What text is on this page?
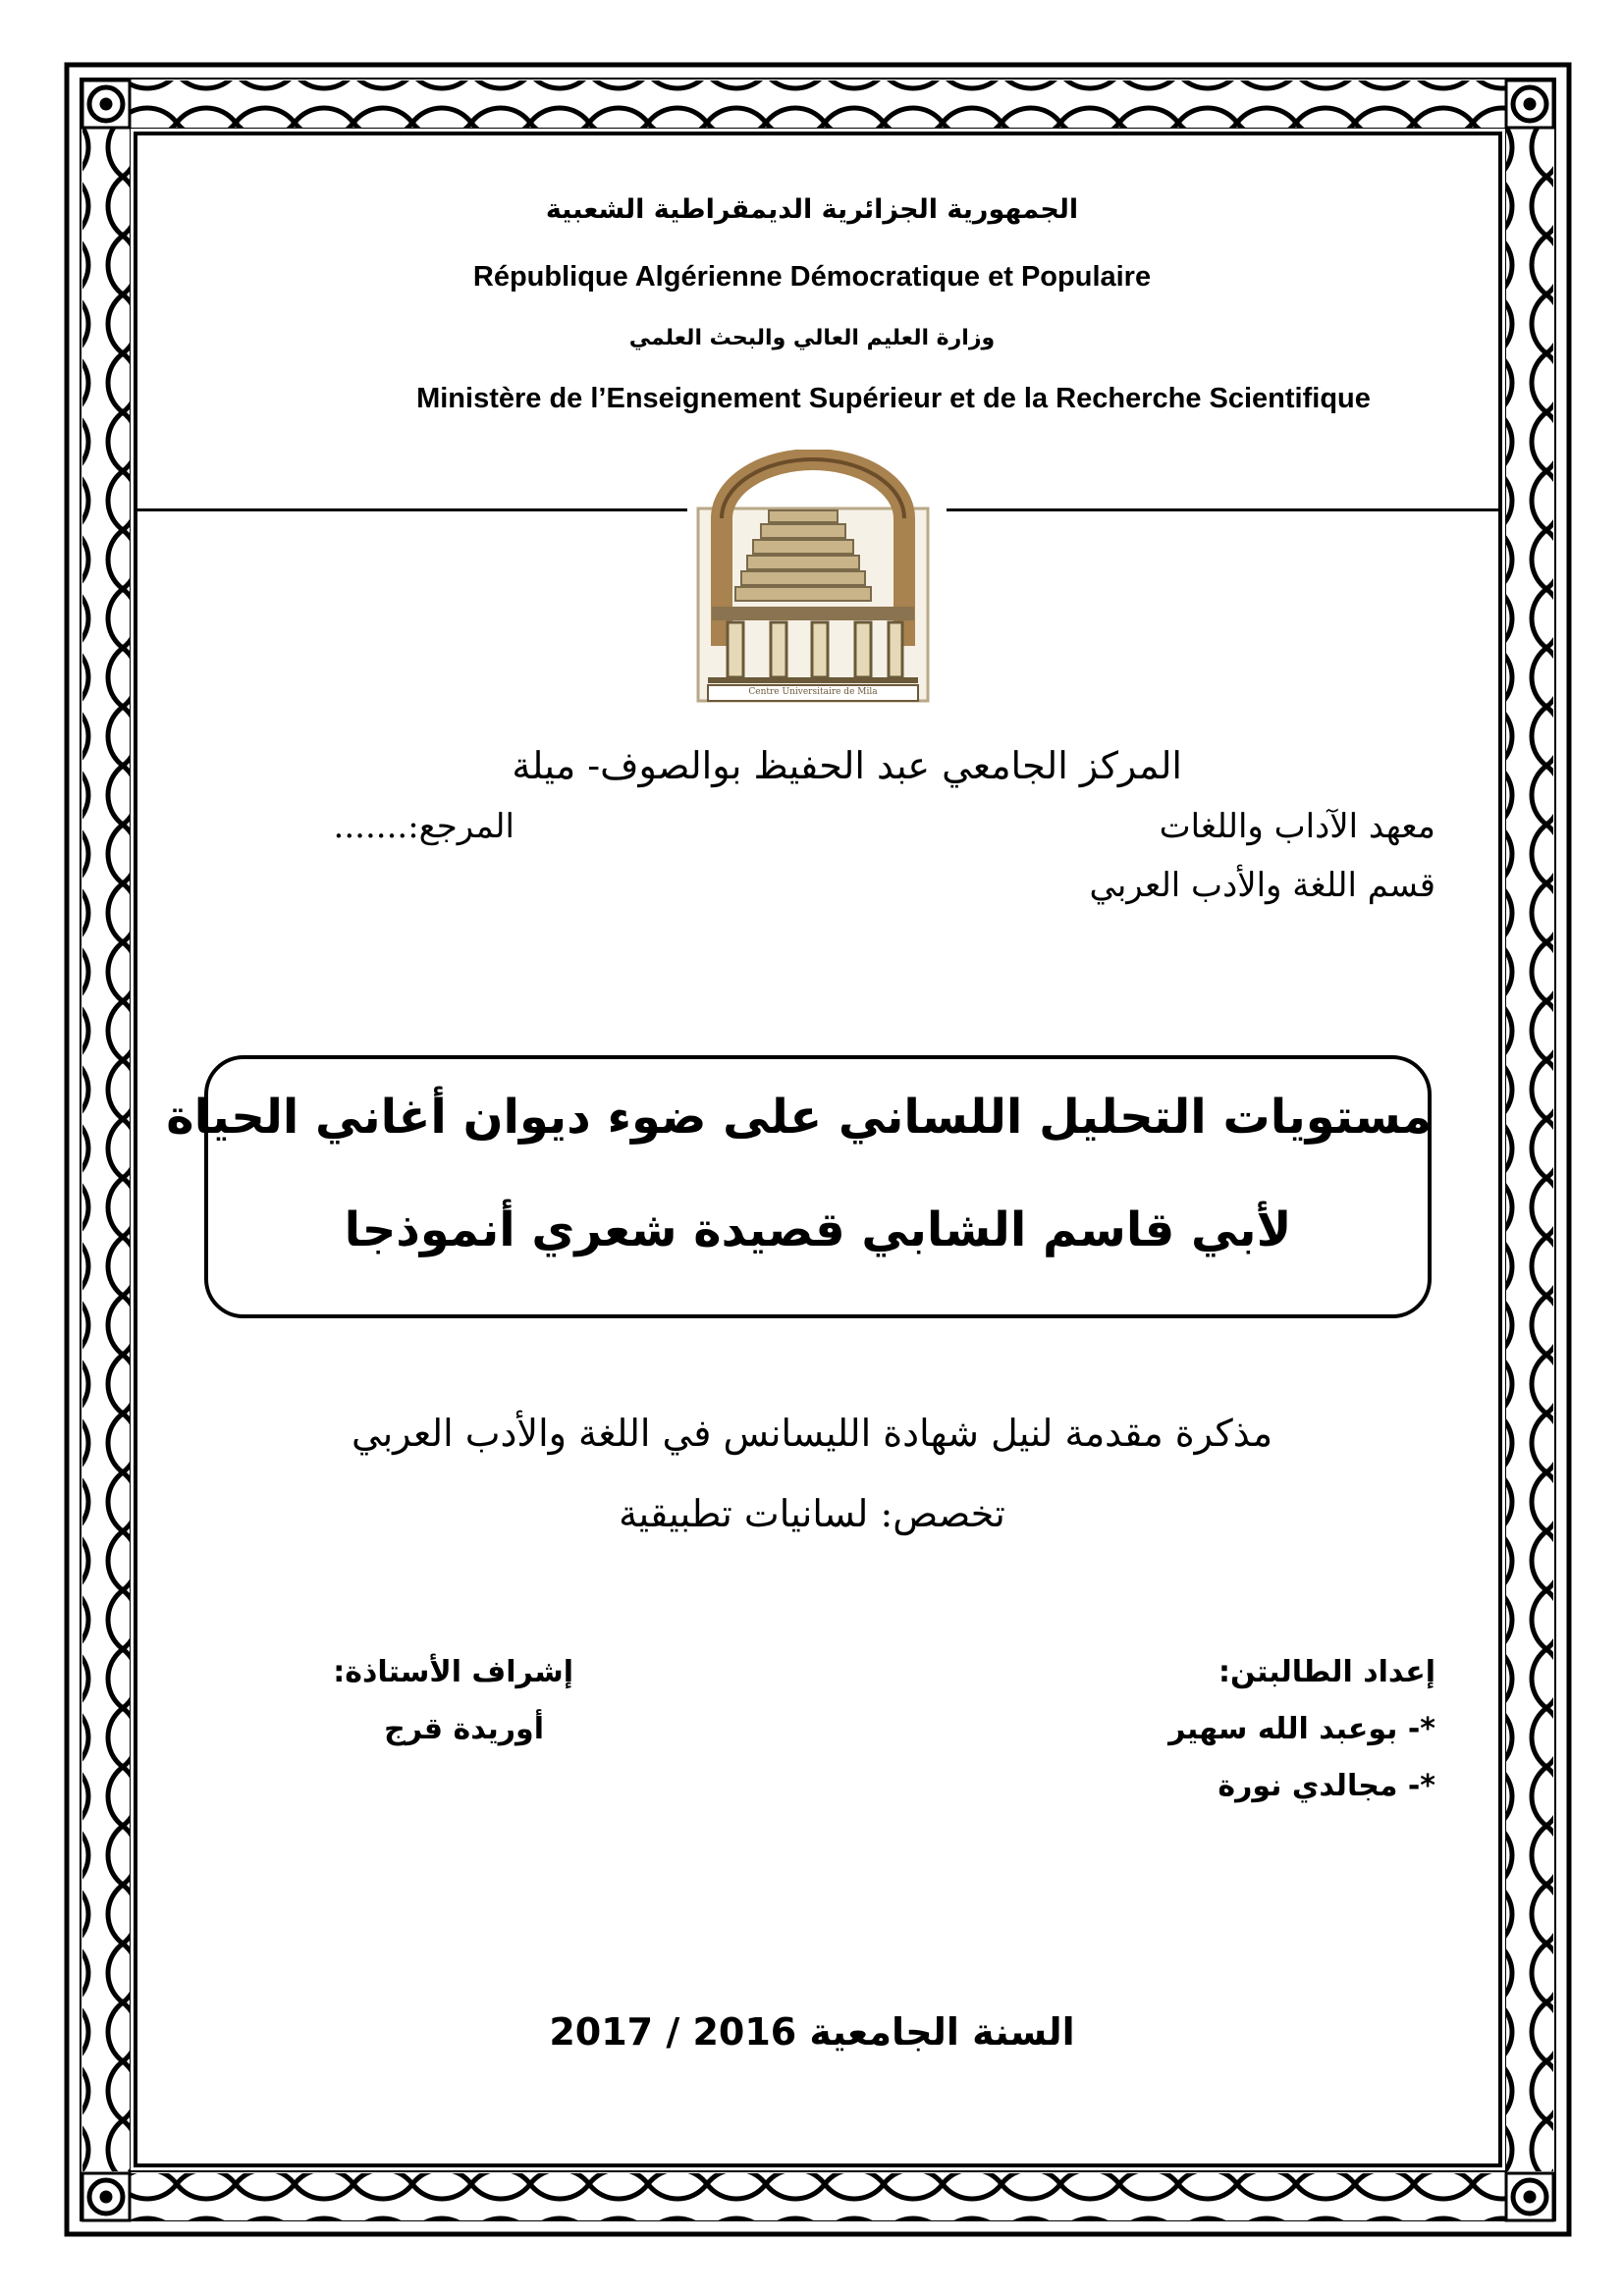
الجمهورية الجزائرية الديمقراطية الشعبية
République Algérienne Démocratique et Populaire
وزارة العليم العالي والبحث العلمي
Ministère de l’Enseignement Supérieur et de la Recherche Scientifique
Centre Universitaire de Mila
المركز الجامعي عبد الحفيظ بوالصوف- ميلة
معهد الآداب واللغات
المرجع:.......
قسم اللغة والأدب العربي
مستويات التحليل اللساني على ضوء ديوان أغاني الحياة
لأبي قاسم الشابي قصيدة شعري أنموذجا
مذكرة مقدمة لنيل شهادة الليسانس في اللغة والأدب العربي
تخصص: لسانيات تطبيقية
إعداد الطالبتن:
*- بوعبد الله سهير
*- مجالدي نورة
إشراف الأستاذة:
أوريدة قرج
السنة الجامعية 2016 / 2017
